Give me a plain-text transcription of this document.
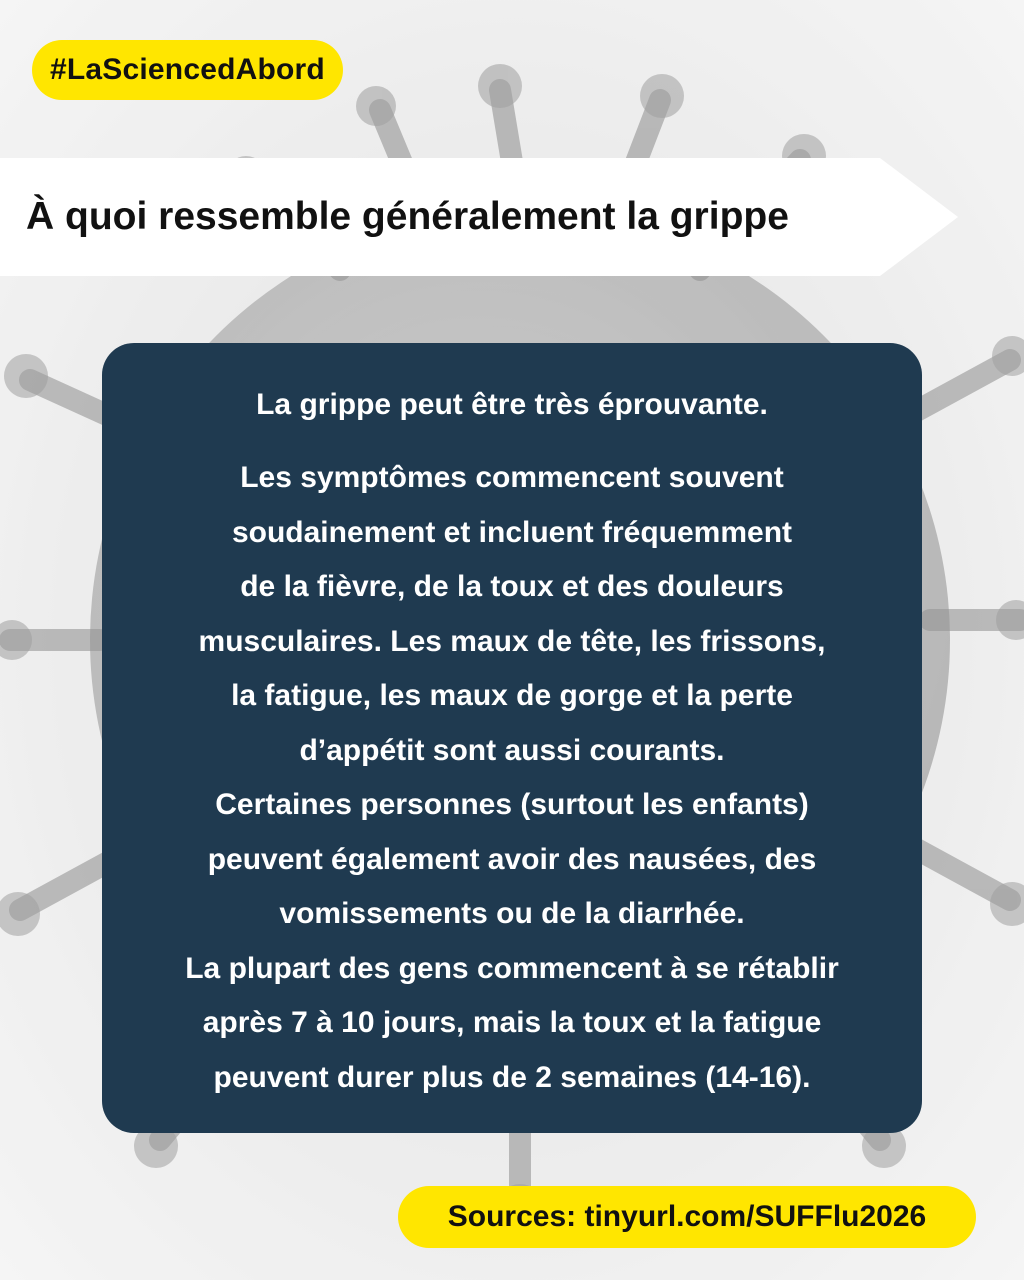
#LaSciencedAbord
À quoi ressemble généralement la grippe

La grippe peut être très éprouvante.

Les symptômes commencent souvent
soudainement et incluent fréquemment
de la fièvre, de la toux et des douleurs
musculaires. Les maux de tête, les frissons,
la fatigue, les maux de gorge et la perte
d’appétit sont aussi courants.
Certaines personnes (surtout les enfants)
peuvent également avoir des nausées, des
vomissements ou de la diarrhée.
La plupart des gens commencent à se rétablir
après 7 à 10 jours, mais la toux et la fatigue
peuvent durer plus de 2 semaines (14-16).

Sources: tinyurl.com/SUFFlu2026
